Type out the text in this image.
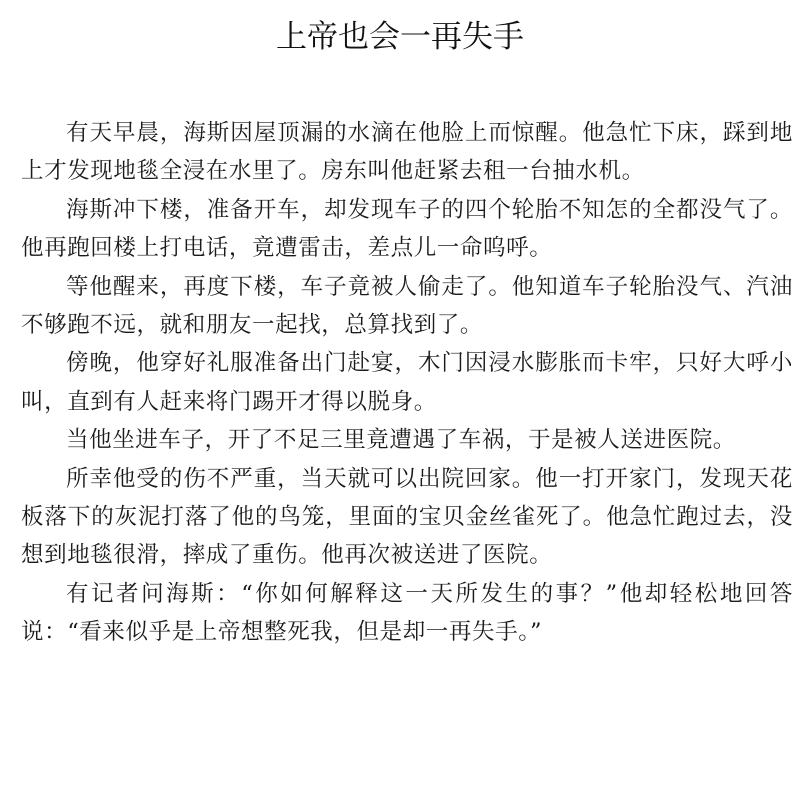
上帝也会一再失手

有天早晨，海斯因屋顶漏的水滴在他脸上而惊醒。他急忙下床，踩到地上才发现地毯全浸在水里了。房东叫他赶紧去租一台抽水机。

海斯冲下楼，准备开车，却发现车子的四个轮胎不知怎的全都没气了。他再跑回楼上打电话，竟遭雷击，差点儿一命呜呼。

等他醒来，再度下楼，车子竟被人偷走了。他知道车子轮胎没气、汽油不够跑不远，就和朋友一起找，总算找到了。

傍晚，他穿好礼服准备出门赴宴，木门因浸水膨胀而卡牢，只好大呼小叫，直到有人赶来将门踢开才得以脱身。

当他坐进车子，开了不足三里竟遭遇了车祸，于是被人送进医院。

所幸他受的伤不严重，当天就可以出院回家。他一打开家门，发现天花板落下的灰泥打落了他的鸟笼，里面的宝贝金丝雀死了。他急忙跑过去，没想到地毯很滑，摔成了重伤。他再次被送进了医院。

有记者问海斯：“你如何解释这一天所发生的事？”他却轻松地回答说：“看来似乎是上帝想整死我，但是却一再失手。”
